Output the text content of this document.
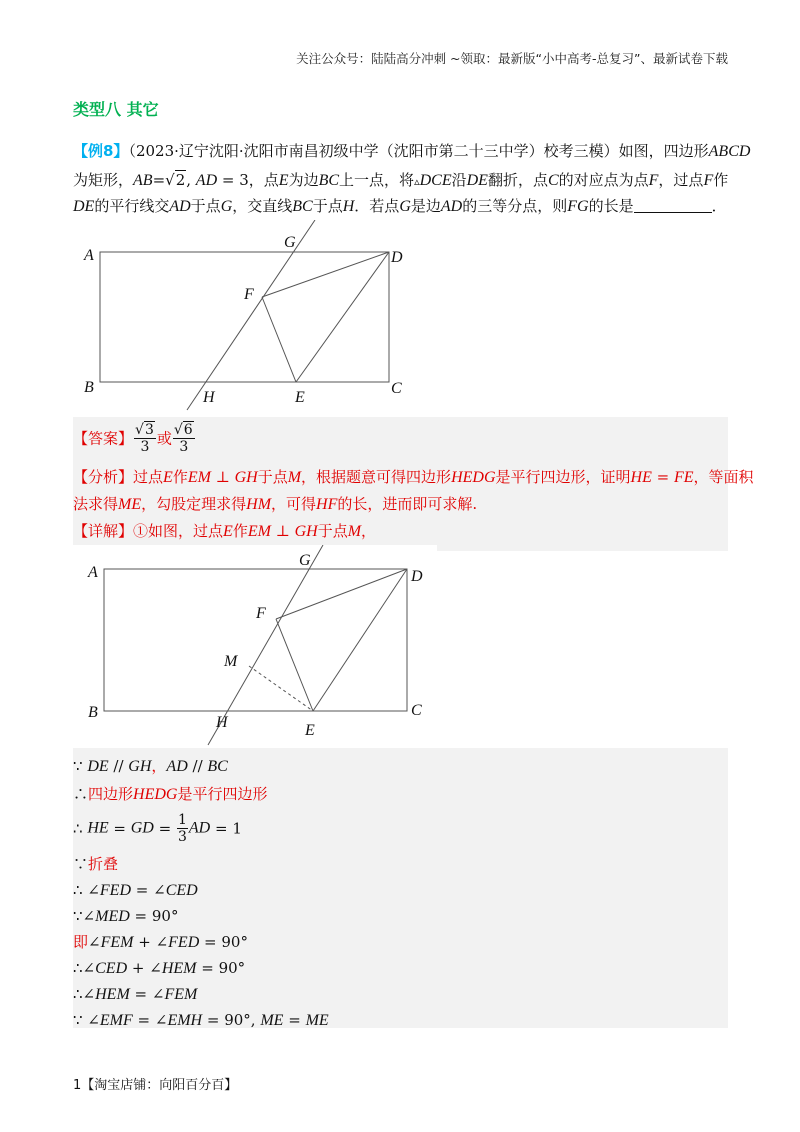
关注公众号：陆陆高分冲刺 ~领取：最新版“小中高考-总复习”、最新试卷下载
类型八 其它
【例8】（2023·辽宁沈阳·沈阳市南昌初级中学（沈阳市第二十三中学）校考三模）如图，四边形ABCD
为矩形，AB=√2, AD = 3，点E为边BC上一点，将▵DCE沿DE翻折，点C的对应点为点F，过点F作
DE的平行线交AD于点G，交直线BC于点H．若点G是边AD的三等分点，则FG的长是	．
A
B	C
D
E
F
G
H
【答案】 $\frac{√3}{3}$ 或 $\frac{√6}{3}$
【分析】过点E作EM ⊥ GH于点M，根据题意可得四边形HEDG是平行四边形，证明HE = FE，等面积
法求得ME，勾股定理求得HM，可得HF的长，进而即可求解.
【详解】①如图，过点E作EM ⊥ GH于点M，
A
B	C
D
E
F
G
H
M
∵ DE // GH，AD // BC
∴四边形HEDG是平行四边形
∴ HE = GD = $\frac{1}{3}$ AD = 1
∵折叠
∴ ∠FED = ∠CED
∵∠MED = 90°
即∠FEM + ∠FED = 90°
∴∠CED + ∠HEM = 90°
∴∠HEM = ∠FEM
∵ ∠EMF = ∠EMH = 90°, ME = ME
1【淘宝店铺：向阳百分百】
